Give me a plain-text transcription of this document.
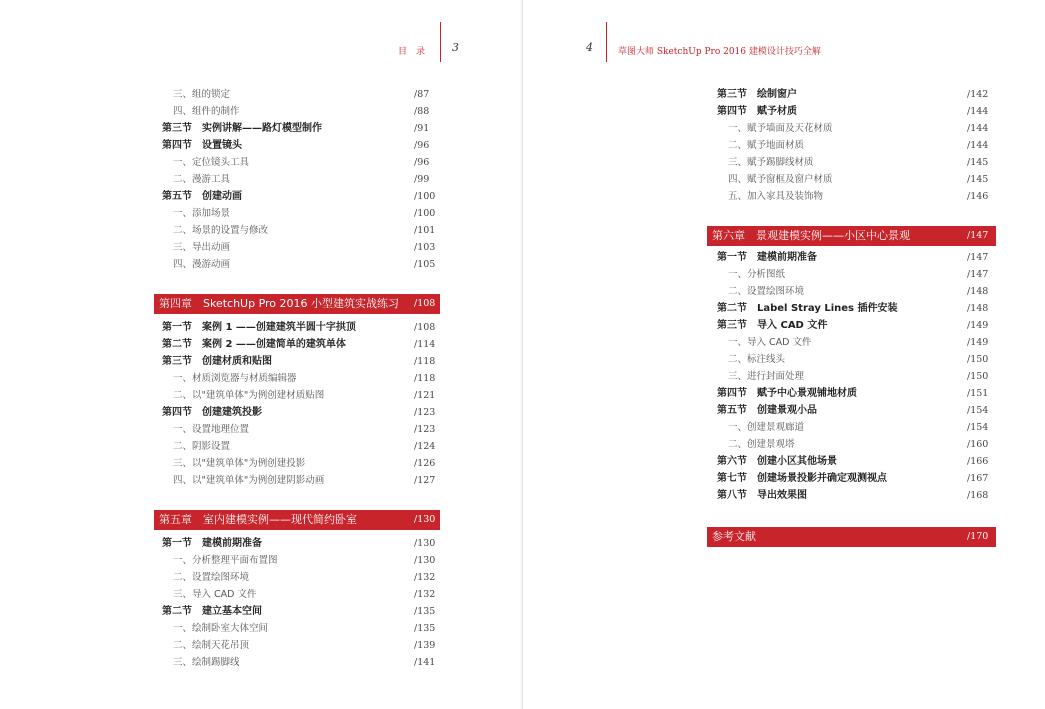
目　录 3
三、组的锁定	/87
四、组件的制作	/88
第三节　实例讲解——路灯模型制作	/91
第四节　设置镜头	/96
一、定位镜头工具	/96
二、漫游工具	/99
第五节　创建动画	/100
一、添加场景	/100
二、场景的设置与修改	/101
三、导出动画	/103
四、漫游动画	/105
第四章　SketchUp Pro 2016 小型建筑实战练习 /108
第一节　案例 1 ——创建建筑半圆十字拱顶	/108
第二节　案例 2 ——创建简单的建筑单体	/114
第三节　创建材质和贴图	/118
一、材质浏览器与材质编辑器	/118
二、以"建筑单体"为例创建材质贴图	/121
第四节　创建建筑投影	/123
一、设置地理位置	/123
二、阴影设置	/124
三、以"建筑单体"为例创建投影	/126
四、以"建筑单体"为例创建阴影动画	/127
第五章　室内建模实例——现代简约卧室	/130
第一节　建模前期准备	/130
一、分析整理平面布置图	/130
二、设置绘图环境	/132
三、导入 CAD 文件	/132
第二节　建立基本空间	/135
一、绘制卧室大体空间	/135
二、绘制天花吊顶	/139
三、绘制踢脚线	/141
4	草图大师 SketchUp Pro 2016 建模设计技巧全解
第三节　绘制窗户	/142
第四节　赋予材质	/144
一、赋予墙面及天花材质	/144
二、赋予地面材质	/144
三、赋予踢脚线材质	/145
四、赋予窗框及窗户材质	/145
五、加入家具及装饰物	/146
第六章　景观建模实例——小区中心景观	/147
第一节　建模前期准备	/147
一、分析图纸	/147
二、设置绘图环境	/148
第二节　Label Stray Lines 插件安装	/148
第三节　导入 CAD 文件	/149
一、导入 CAD 文件	/149
二、标注线头	/150
三、进行封面处理	/150
第四节　赋予中心景观铺地材质	/151
第五节　创建景观小品	/154
一、创建景观廊道	/154
二、创建景观塔	/160
第六节　创建小区其他场景	/166
第七节　创建场景投影并确定观测视点	/167
第八节　导出效果图	/168
参考文献	/170
